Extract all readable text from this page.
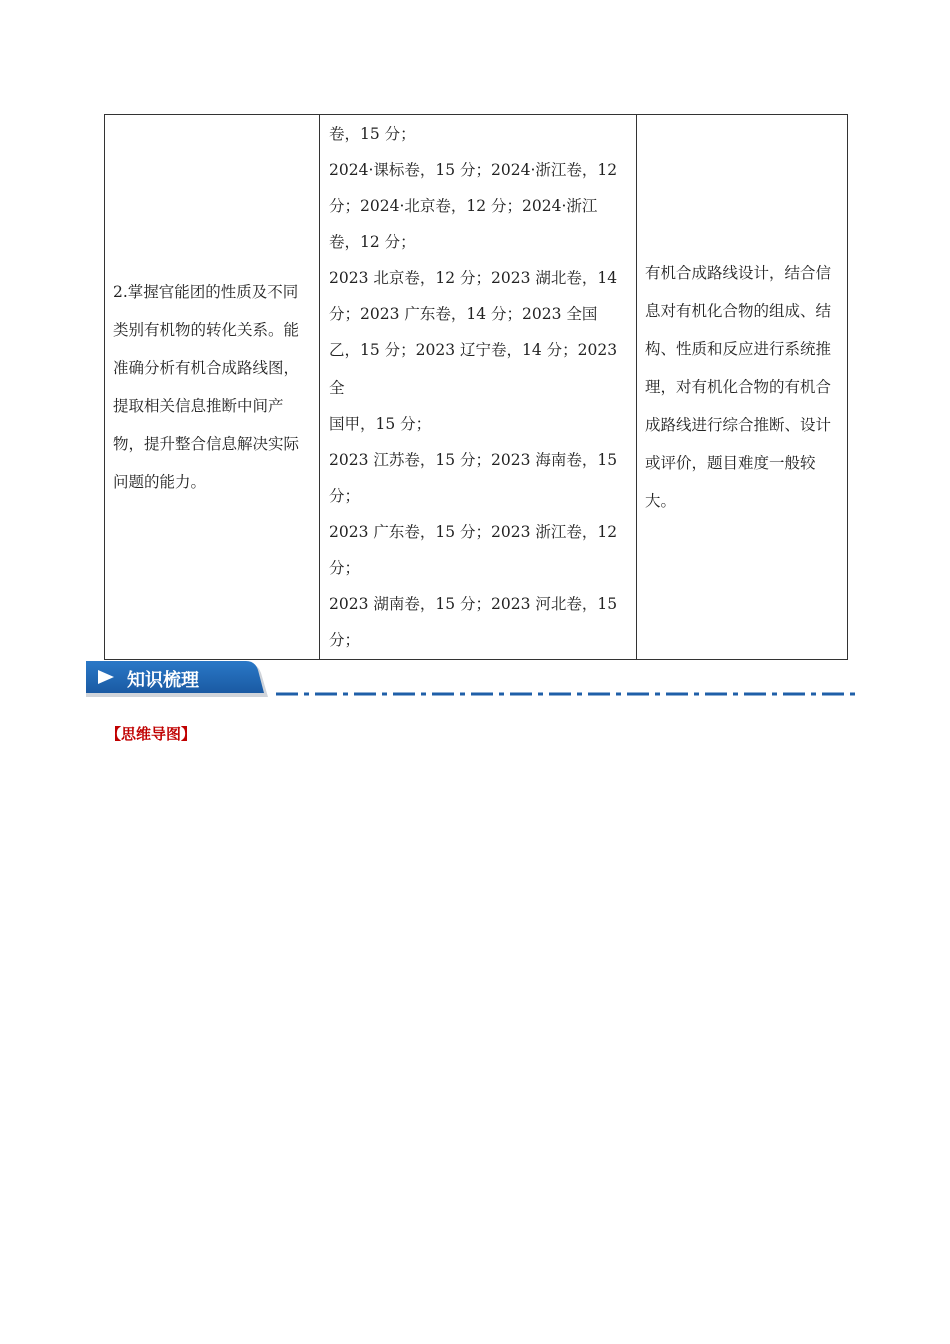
2.掌握官能团的性质及不同类别有机物的转化关系。能准确分析有机合成路线图，提取相关信息推断中间产物，提升整合信息解决实际问题的能力。

卷，15 分；
2024·课标卷，15 分；2024·浙江卷，12
分；2024·北京卷，12 分；2024·浙江
卷，12 分；
2023 北京卷，12 分；2023 湖北卷，14
分；2023 广东卷，14 分；2023 全国
乙，15 分；2023 辽宁卷，14 分；2023 全
国甲，15 分；
2023 江苏卷，15 分；2023 海南卷，15
分；
2023 广东卷，15 分；2023 浙江卷，12
分；
2023 湖南卷，15 分；2023 河北卷，15
分；

有机合成路线设计，结合信息对有机化合物的组成、结构、性质和反应进行系统推理，对有机化合物的有机合成路线进行综合推断、设计或评价，题目难度一般较大。
知识梳理
【思维导图】
